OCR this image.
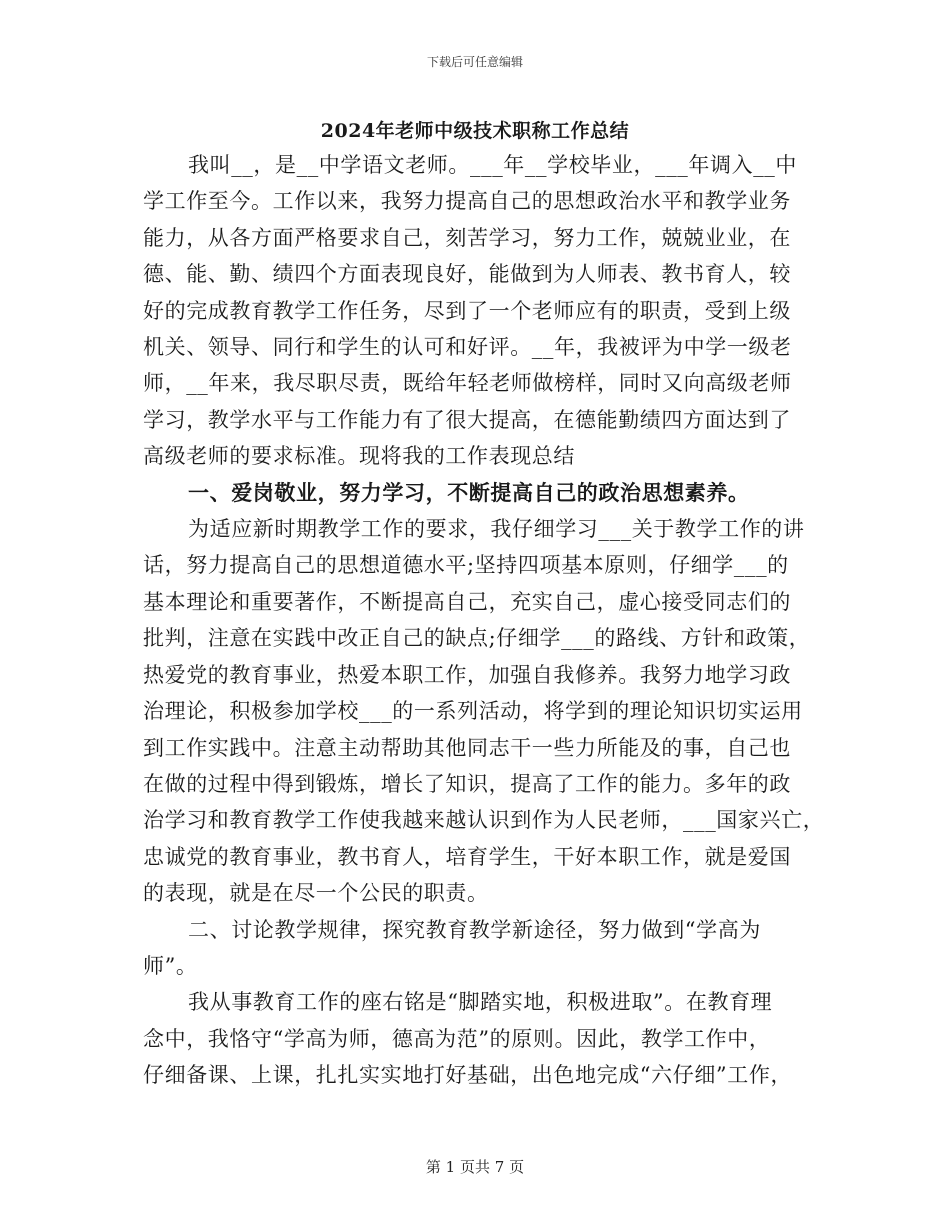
下载后可任意编辑
2024年老师中级技术职称工作总结

我叫__，是__中学语文老师。___年__学校毕业，___年调入__中
学工作至今。工作以来，我努力提高自己的思想政治水平和教学业务
能力，从各方面严格要求自己，刻苦学习，努力工作，兢兢业业，在
德、能、勤、绩四个方面表现良好，能做到为人师表、教书育人，较
好的完成教育教学工作任务，尽到了一个老师应有的职责，受到上级
机关、领导、同行和学生的认可和好评。__年，我被评为中学一级老
师，__年来，我尽职尽责，既给年轻老师做榜样，同时又向高级老师
学习，教学水平与工作能力有了很大提高，在德能勤绩四方面达到了
高级老师的要求标准。现将我的工作表现总结

一、爱岗敬业，努力学习，不断提高自己的政治思想素养。

为适应新时期教学工作的要求，我仔细学习___关于教学工作的讲
话，努力提高自己的思想道德水平;坚持四项基本原则，仔细学___的
基本理论和重要著作，不断提高自己，充实自己，虚心接受同志们的
批判，注意在实践中改正自己的缺点;仔细学___的路线、方针和政策，
热爱党的教育事业，热爱本职工作，加强自我修养。我努力地学习政
治理论，积极参加学校___的一系列活动，将学到的理论知识切实运用
到工作实践中。注意主动帮助其他同志干一些力所能及的事，自己也
在做的过程中得到锻炼，增长了知识，提高了工作的能力。多年的政
治学习和教育教学工作使我越来越认识到作为人民老师，___国家兴亡，
忠诚党的教育事业，教书育人，培育学生，干好本职工作，就是爱国
的表现，就是在尽一个公民的职责。

二、讨论教学规律，探究教育教学新途径，努力做到“学高为
师”。

我从事教育工作的座右铭是“脚踏实地，积极进取”。在教育理
念中，我恪守“学高为师，德高为范”的原则。因此，教学工作中，
仔细备课、上课，扎扎实实地打好基础，出色地完成“六仔细”工作，

第 1 页共 7 页
